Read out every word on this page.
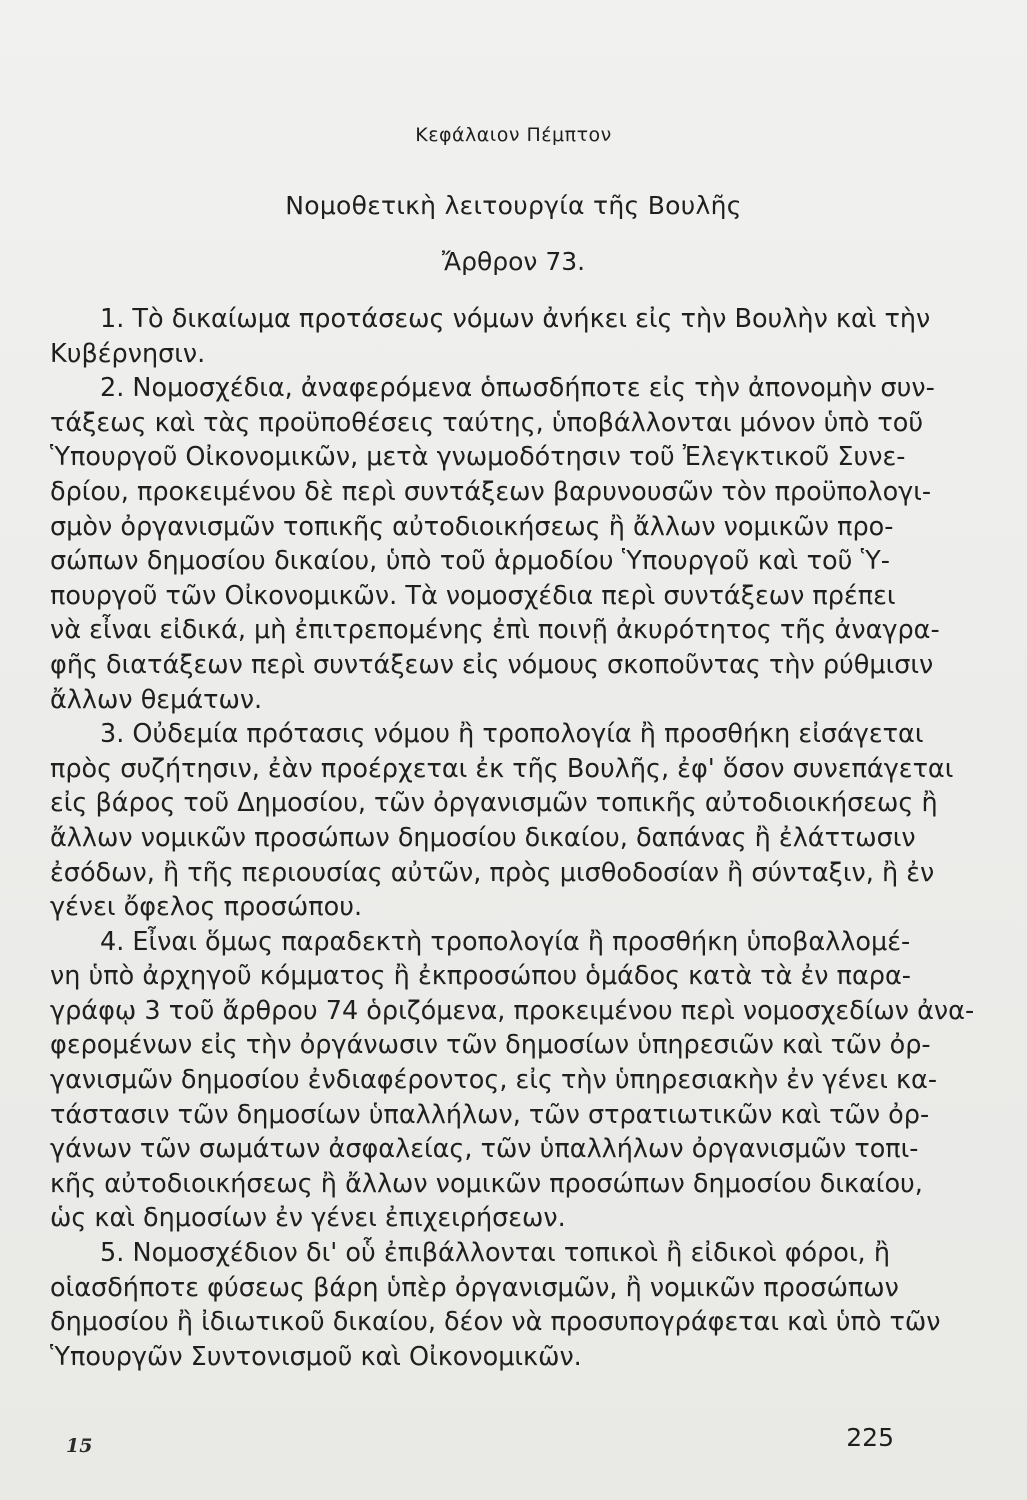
Κεφάλαιον Πέμπτον
Νομοθετικὴ λειτουργία τῆς Βουλῆς
Ἄρθρον 73.
1. Τὸ δικαίωμα προτάσεως νόμων ἀνήκει εἰς τὴν Βουλὴν καὶ τὴν
Κυβέρνησιν.
2. Νομοσχέδια, ἀναφερόμενα ὁπωσδήποτε εἰς τὴν ἀπονομὴν συν-
τάξεως καὶ τὰς προϋποθέσεις ταύτης, ὑποβάλλονται μόνον ὑπὸ τοῦ
Ὑπουργοῦ Οἰκονομικῶν, μετὰ γνωμοδότησιν τοῦ Ἐλεγκτικοῦ Συνε-
δρίου, προκειμένου δὲ περὶ συντάξεων βαρυνουσῶν τὸν προϋπολογι-
σμὸν ὀργανισμῶν τοπικῆς αὐτοδιοικήσεως ἢ ἄλλων νομικῶν προ-
σώπων δημοσίου δικαίου, ὑπὸ τοῦ ἁρμοδίου Ὑπουργοῦ καὶ τοῦ Ὑ-
πουργοῦ τῶν Οἰκονομικῶν. Τὰ νομοσχέδια περὶ συντάξεων πρέπει
νὰ εἶναι εἰδικά, μὴ ἐπιτρεπομένης ἐπὶ ποινῇ ἀκυρότητος τῆς ἀναγρα-
φῆς διατάξεων περὶ συντάξεων εἰς νόμους σκοποῦντας τὴν ρύθμισιν
ἄλλων θεμάτων.
3. Οὐδεμία πρότασις νόμου ἢ τροπολογία ἢ προσθήκη εἰσάγεται
πρὸς συζήτησιν, ἐὰν προέρχεται ἐκ τῆς Βουλῆς, ἐφ' ὅσον συνεπάγεται
εἰς βάρος τοῦ Δημοσίου, τῶν ὀργανισμῶν τοπικῆς αὐτοδιοικήσεως ἢ
ἄλλων νομικῶν προσώπων δημοσίου δικαίου, δαπάνας ἢ ἐλάττωσιν
ἐσόδων, ἢ τῆς περιουσίας αὐτῶν, πρὸς μισθοδοσίαν ἢ σύνταξιν, ἢ ἐν
γένει ὄφελος προσώπου.
4. Εἶναι ὅμως παραδεκτὴ τροπολογία ἢ προσθήκη ὑποβαλλομέ-
νη ὑπὸ ἀρχηγοῦ κόμματος ἢ ἐκπροσώπου ὁμάδος κατὰ τὰ ἐν παρα-
γράφῳ 3 τοῦ ἄρθρου 74 ὁριζόμενα, προκειμένου περὶ νομοσχεδίων ἀνα-
φερομένων εἰς τὴν ὀργάνωσιν τῶν δημοσίων ὑπηρεσιῶν καὶ τῶν ὀρ-
γανισμῶν δημοσίου ἐνδιαφέροντος, εἰς τὴν ὑπηρεσιακὴν ἐν γένει κα-
τάστασιν τῶν δημοσίων ὑπαλλήλων, τῶν στρατιωτικῶν καὶ τῶν ὀρ-
γάνων τῶν σωμάτων ἀσφαλείας, τῶν ὑπαλλήλων ὀργανισμῶν τοπι-
κῆς αὐτοδιοικήσεως ἢ ἄλλων νομικῶν προσώπων δημοσίου δικαίου,
ὡς καὶ δημοσίων ἐν γένει ἐπιχειρήσεων.
5. Νομοσχέδιον δι' οὗ ἐπιβάλλονται τοπικοὶ ἢ εἰδικοὶ φόροι, ἢ
οἱασδήποτε φύσεως βάρη ὑπὲρ ὀργανισμῶν, ἢ νομικῶν προσώπων
δημοσίου ἢ ἰδιωτικοῦ δικαίου, δέον νὰ προσυπογράφεται καὶ ὑπὸ τῶν
Ὑπουργῶν Συντονισμοῦ καὶ Οἰκονομικῶν.
15	225
